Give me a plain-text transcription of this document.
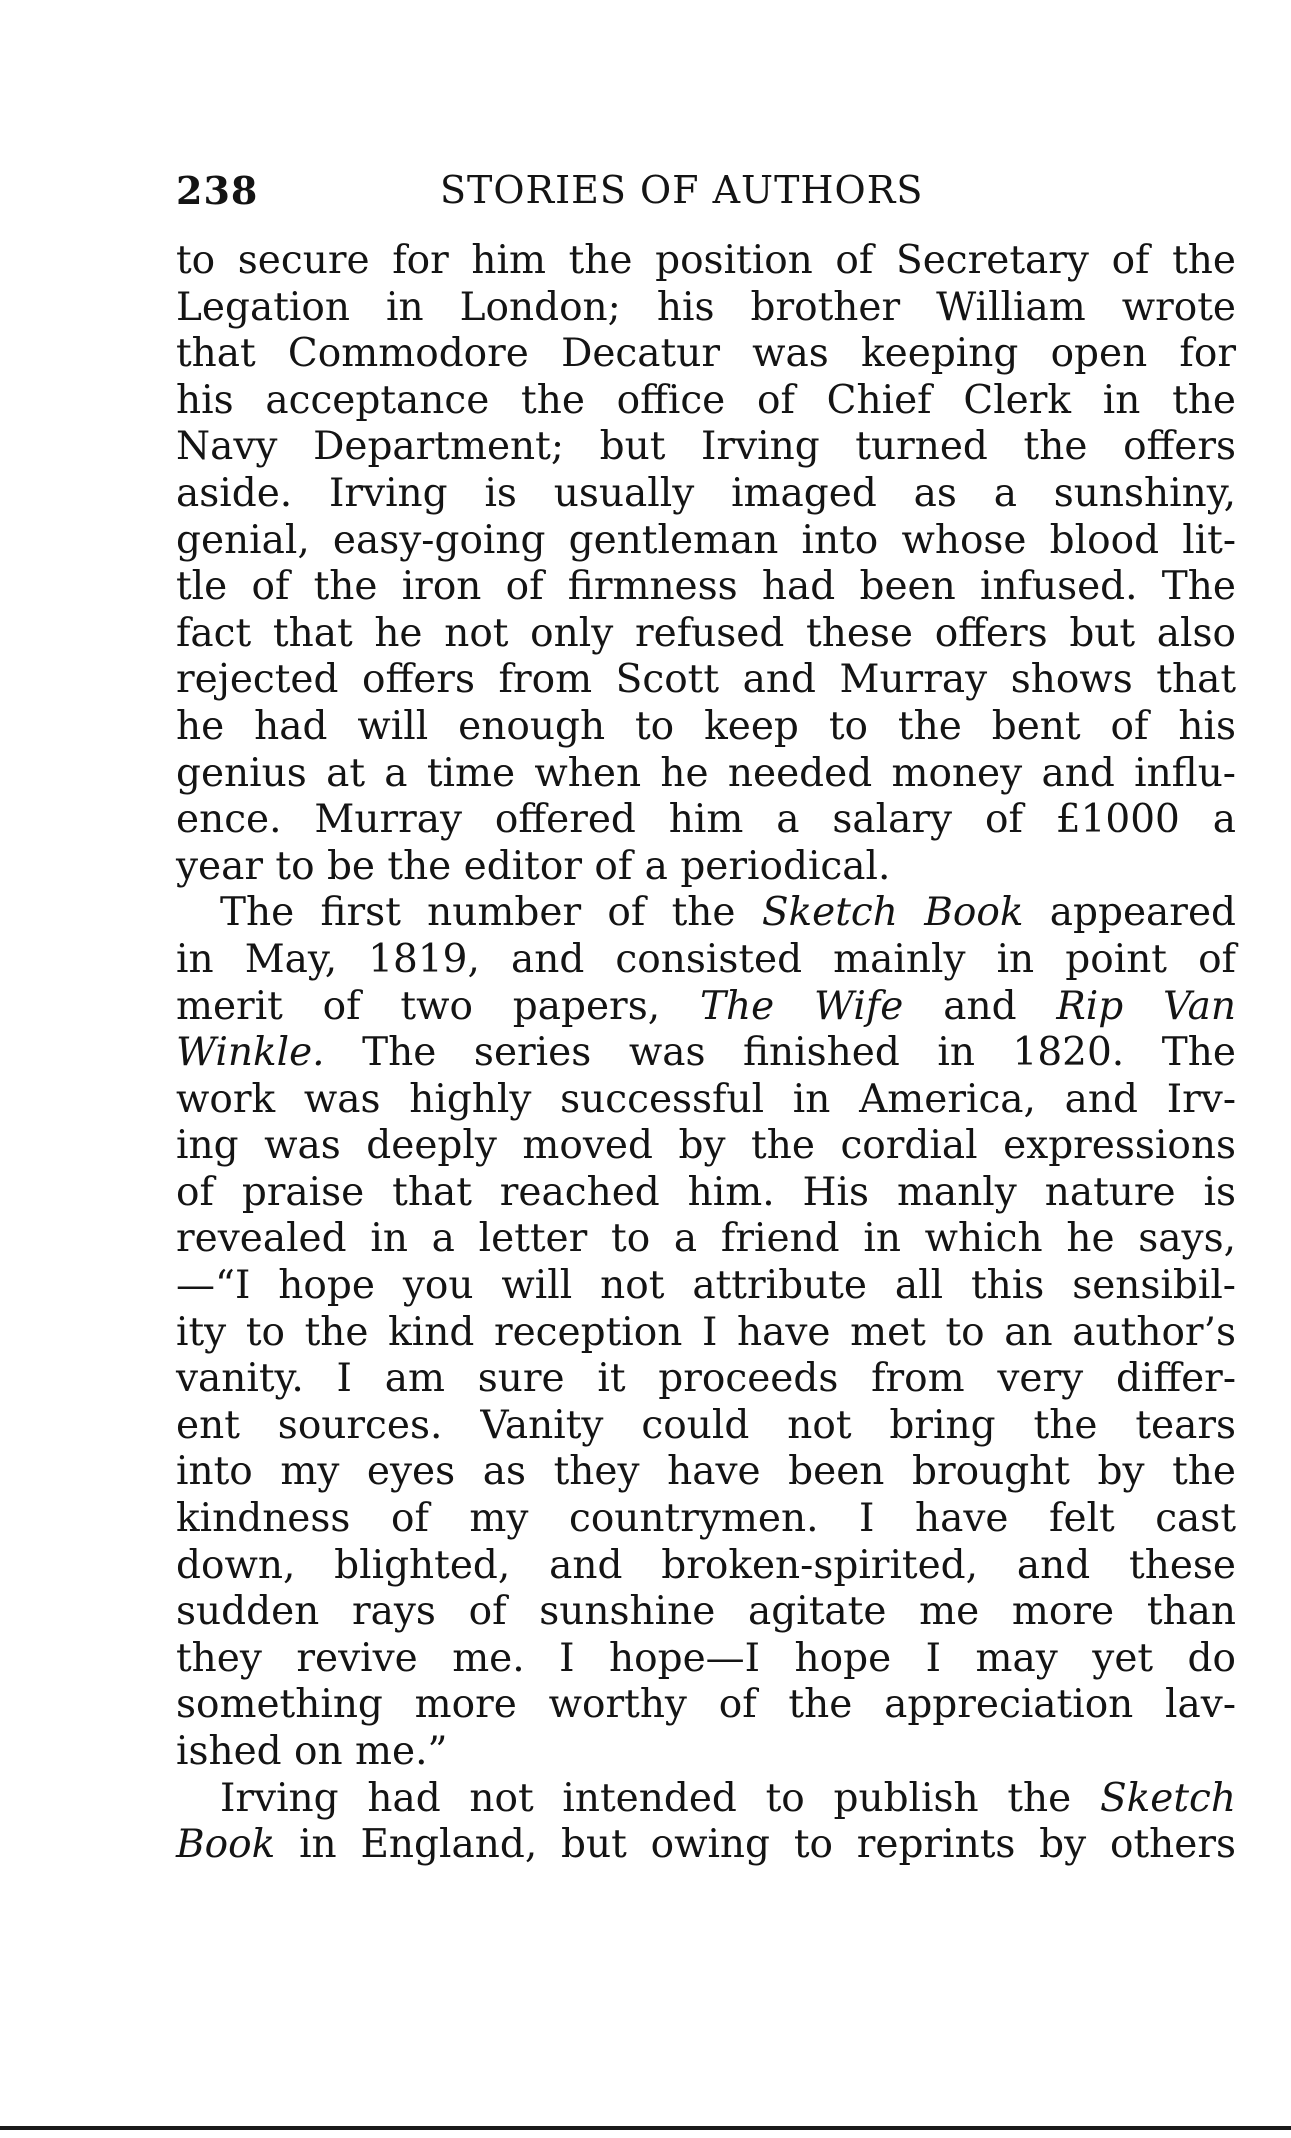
238	STORIES OF AUTHORS
to secure for him the position of Secretary of the
Legation in London; his brother William wrote
that Commodore Decatur was keeping open for
his acceptance the office of Chief Clerk in the
Navy Department; but Irving turned the offers
aside. Irving is usually imaged as a sunshiny,
genial, easy-going gentleman into whose blood lit-
tle of the iron of firmness had been infused. The
fact that he not only refused these offers but also
rejected offers from Scott and Murray shows that
he had will enough to keep to the bent of his
genius at a time when he needed money and influ-
ence. Murray offered him a salary of £1000 a
year to be the editor of a periodical.
The first number of the Sketch Book appeared
in May, 1819, and consisted mainly in point of
merit of two papers, The Wife and Rip Van
Winkle. The series was finished in 1820. The
work was highly successful in America, and Irv-
ing was deeply moved by the cordial expressions
of praise that reached him. His manly nature is
revealed in a letter to a friend in which he says,
—“I hope you will not attribute all this sensibil-
ity to the kind reception I have met to an author’s
vanity. I am sure it proceeds from very differ-
ent sources. Vanity could not bring the tears
into my eyes as they have been brought by the
kindness of my countrymen. I have felt cast
down, blighted, and broken-spirited, and these
sudden rays of sunshine agitate me more than
they revive me. I hope—I hope I may yet do
something more worthy of the appreciation lav-
ished on me.”
Irving had not intended to publish the Sketch
Book in England, but owing to reprints by others
